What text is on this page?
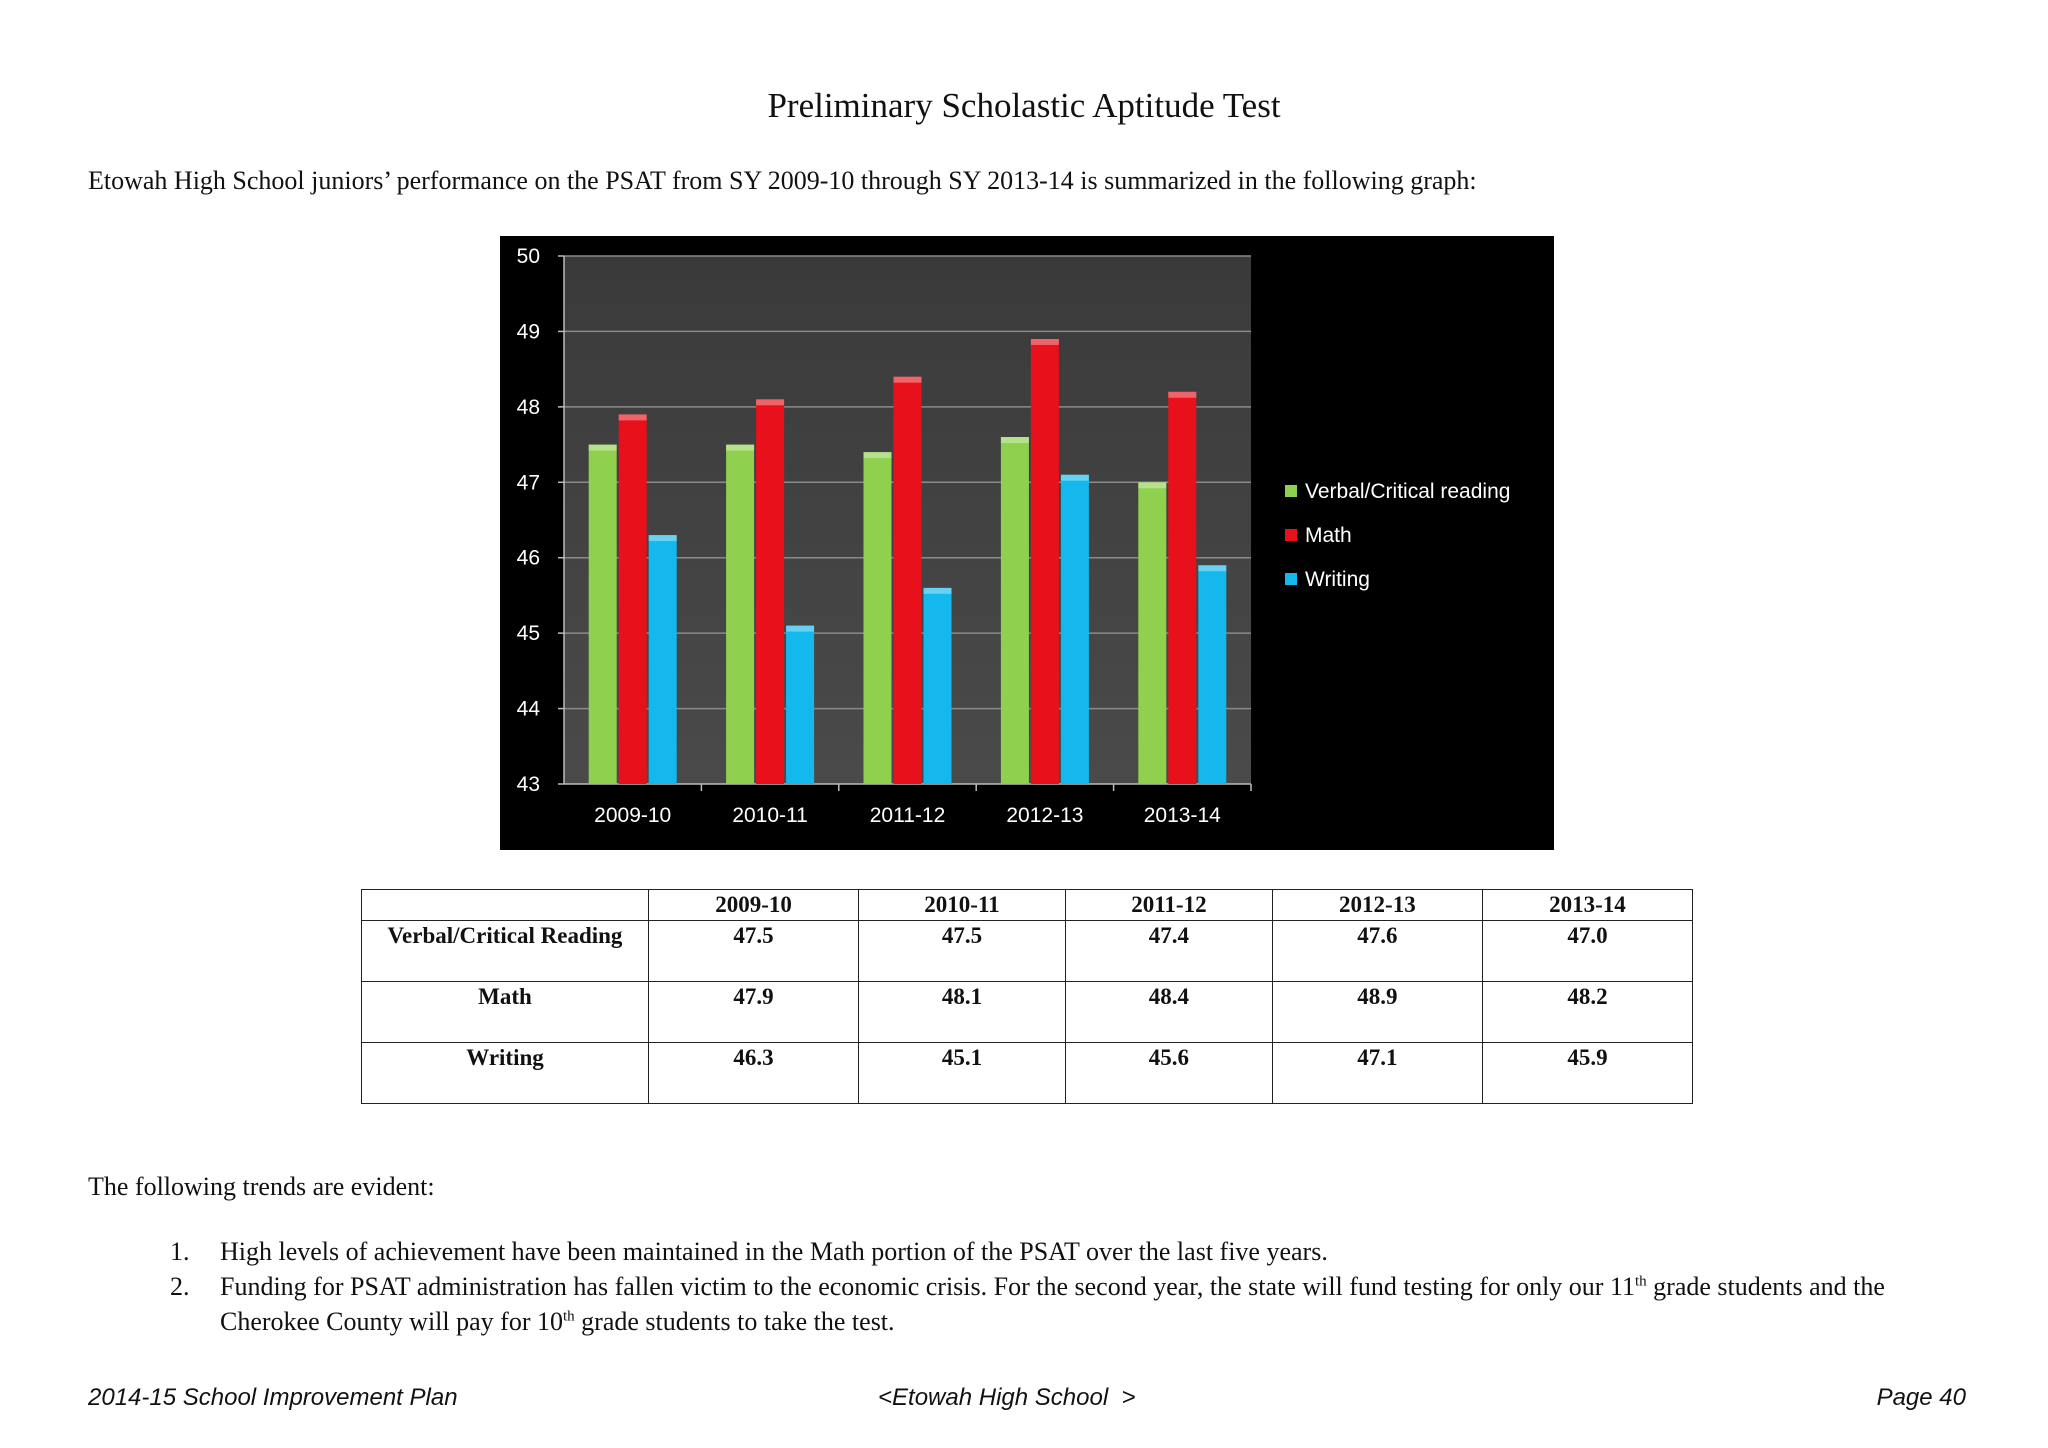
Preliminary Scholastic Aptitude Test
Etowah High School juniors’ performance on the PSAT from SY 2009-10 through SY 2013-14 is summarized in the following graph:
50
49
48
47
46
45
44
43
2009-10	2010-11	2011-12	2012-13	2013-14
Verbal/Critical reading
Math
Writing
	2009-10	2010-11	2011-12	2012-13	2013-14
Verbal/Critical Reading	47.5	47.5	47.4	47.6	47.0
Math	47.9	48.1	48.4	48.9	48.2
Writing	46.3	45.1	45.6	47.1	45.9
The following trends are evident:
1. High levels of achievement have been maintained in the Math portion of the PSAT over the last five years.
2. Funding for PSAT administration has fallen victim to the economic crisis. For the second year, the state will fund testing for only our 11th grade students and the Cherokee County will pay for 10th grade students to take the test.
2014-15 School Improvement Plan	<Etowah High School  >	Page 40
